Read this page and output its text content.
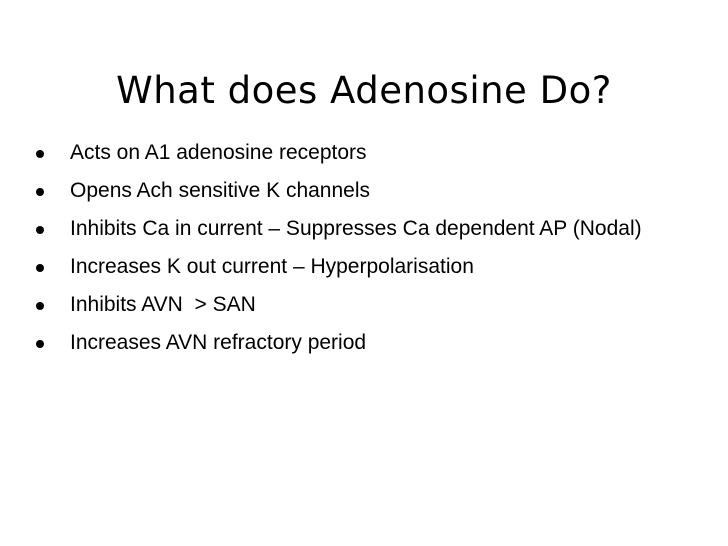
What does Adenosine Do?
Acts on A1 adenosine receptors
Opens Ach sensitive K channels
Inhibits Ca in current – Suppresses Ca dependent AP (Nodal)
Increases K out current – Hyperpolarisation
Inhibits AVN  > SAN
Increases AVN refractory period
